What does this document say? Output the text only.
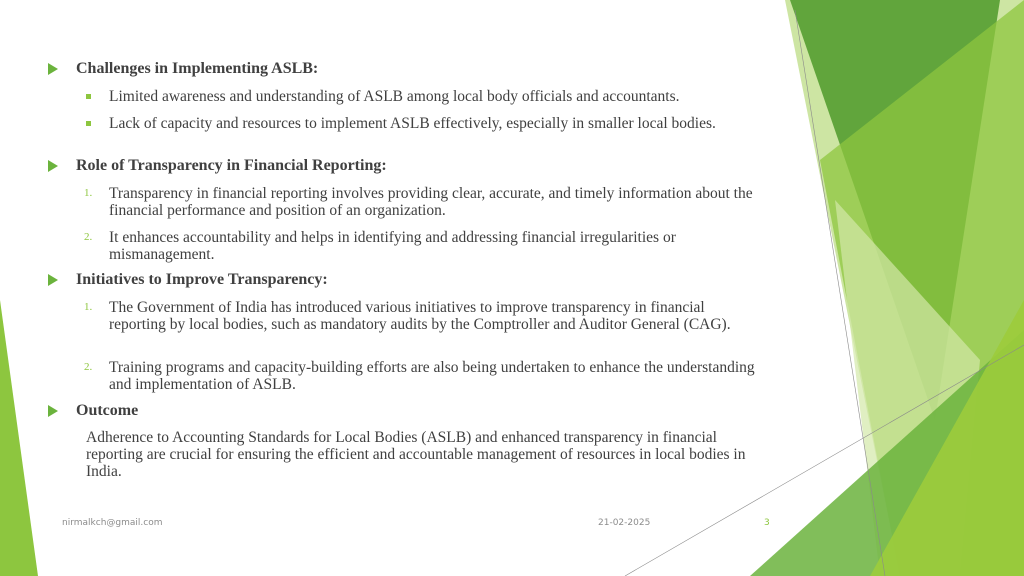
Challenges in Implementing ASLB:
Limited awareness and understanding of ASLB among local body officials and accountants.
Lack of capacity and resources to implement ASLB effectively, especially in smaller local bodies.
Role of Transparency in Financial Reporting:
1.	Transparency in financial reporting involves providing clear, accurate, and timely information about the financial performance and position of an organization.
2.	It enhances accountability and helps in identifying and addressing financial irregularities or mismanagement.
Initiatives to Improve Transparency:
1.	The Government of India has introduced various initiatives to improve transparency in financial reporting by local bodies, such as mandatory audits by the Comptroller and Auditor General (CAG).
2.	Training programs and capacity-building efforts are also being undertaken to enhance the understanding and implementation of ASLB.
Outcome
Adherence to Accounting Standards for Local Bodies (ASLB) and enhanced transparency in financial reporting are crucial for ensuring the efficient and accountable management of resources in local bodies in India.
nirmalkch@gmail.com	21-02-2025	3
